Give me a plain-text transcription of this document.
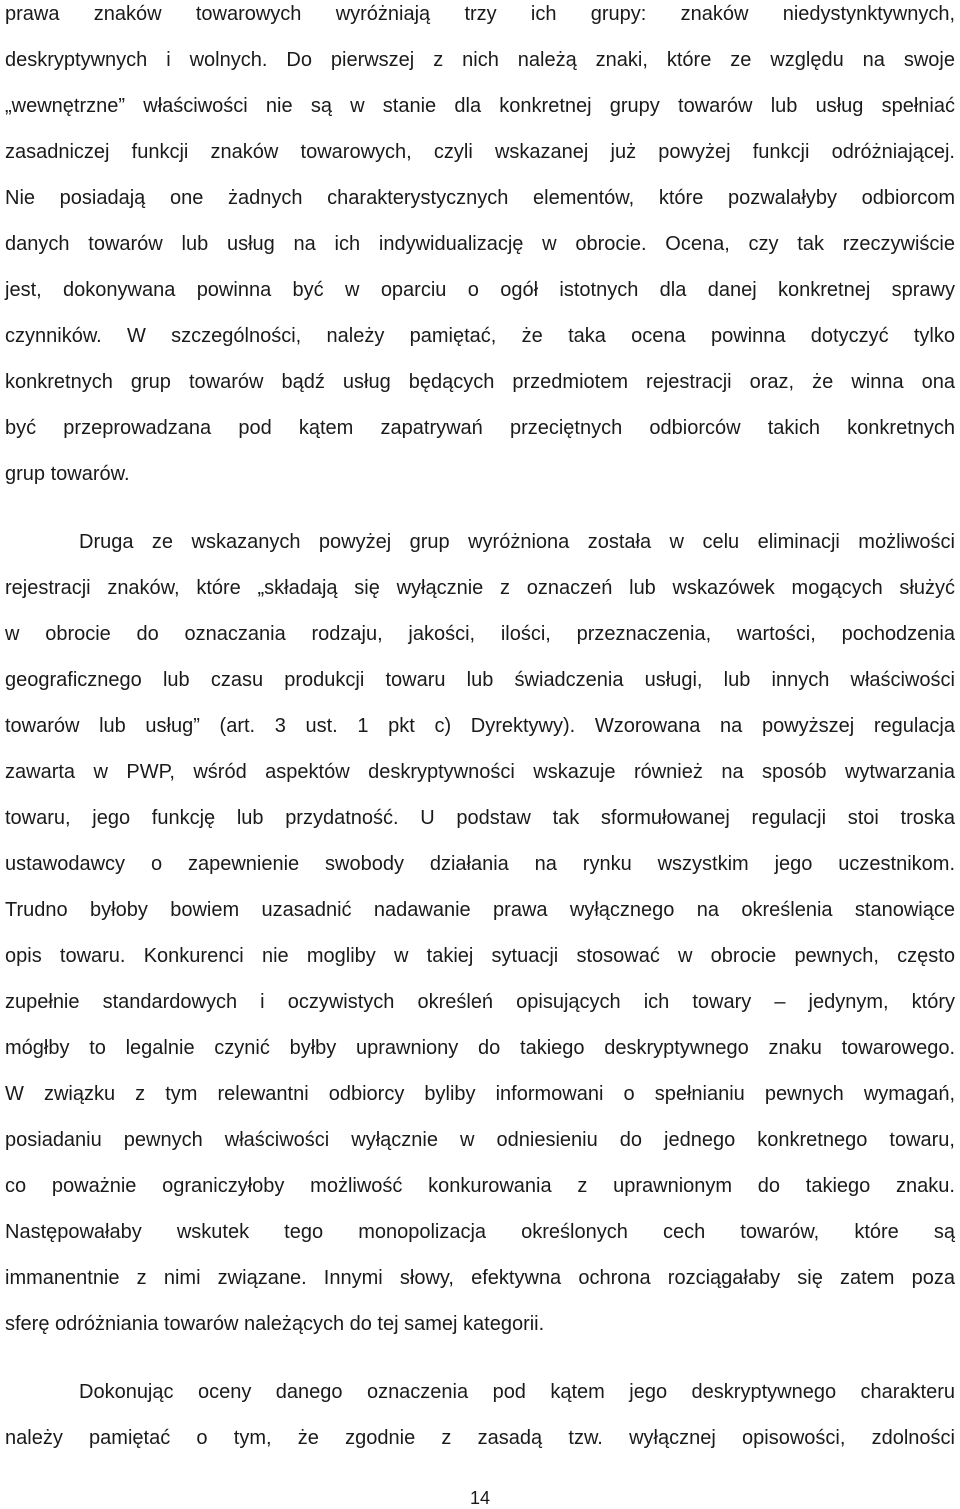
prawa znaków towarowych wyróżniają trzy ich grupy: znaków niedystynktywnych,
deskryptywnych i wolnych. Do pierwszej z nich należą znaki, które ze względu na swoje
„wewnętrzne” właściwości nie są w stanie dla konkretnej grupy towarów lub usług spełniać
zasadniczej funkcji znaków towarowych, czyli wskazanej już powyżej funkcji odróżniającej.
Nie posiadają one żadnych charakterystycznych elementów, które pozwalałyby odbiorcom
danych towarów lub usług na ich indywidualizację w obrocie. Ocena, czy tak rzeczywiście
jest, dokonywana powinna być w oparciu o ogół istotnych dla danej konkretnej sprawy
czynników. W szczególności, należy pamiętać, że taka ocena powinna dotyczyć tylko
konkretnych grup towarów bądź usług będących przedmiotem rejestracji oraz, że winna ona
być przeprowadzana pod kątem zapatrywań przeciętnych odbiorców takich konkretnych
grup towarów.
Druga ze wskazanych powyżej grup wyróżniona została w celu eliminacji możliwości
rejestracji znaków, które „składają się wyłącznie z oznaczeń lub wskazówek mogących służyć
w obrocie do oznaczania rodzaju, jakości, ilości, przeznaczenia, wartości, pochodzenia
geograficznego lub czasu produkcji towaru lub świadczenia usługi, lub innych właściwości
towarów lub usług” (art. 3 ust. 1 pkt c) Dyrektywy). Wzorowana na powyższej regulacja
zawarta w PWP, wśród aspektów deskryptywności wskazuje również na sposób wytwarzania
towaru, jego funkcję lub przydatność. U podstaw tak sformułowanej regulacji stoi troska
ustawodawcy o zapewnienie swobody działania na rynku wszystkim jego uczestnikom.
Trudno byłoby bowiem uzasadnić nadawanie prawa wyłącznego na określenia stanowiące
opis towaru. Konkurenci nie mogliby w takiej sytuacji stosować w obrocie pewnych, często
zupełnie standardowych i oczywistych określeń opisujących ich towary – jedynym, który
mógłby to legalnie czynić byłby uprawniony do takiego deskryptywnego znaku towarowego.
W związku z tym relewantni odbiorcy byliby informowani o spełnianiu pewnych wymagań,
posiadaniu pewnych właściwości wyłącznie w odniesieniu do jednego konkretnego towaru,
co poważnie ograniczyłoby możliwość konkurowania z uprawnionym do takiego znaku.
Następowałaby wskutek tego monopolizacja określonych cech towarów, które są
immanentnie z nimi związane. Innymi słowy, efektywna ochrona rozciągałaby się zatem poza
sferę odróżniania towarów należących do tej samej kategorii.
Dokonując oceny danego oznaczenia pod kątem jego deskryptywnego charakteru
należy pamiętać o tym, że zgodnie z zasadą tzw. wyłącznej opisowości, zdolności
14
